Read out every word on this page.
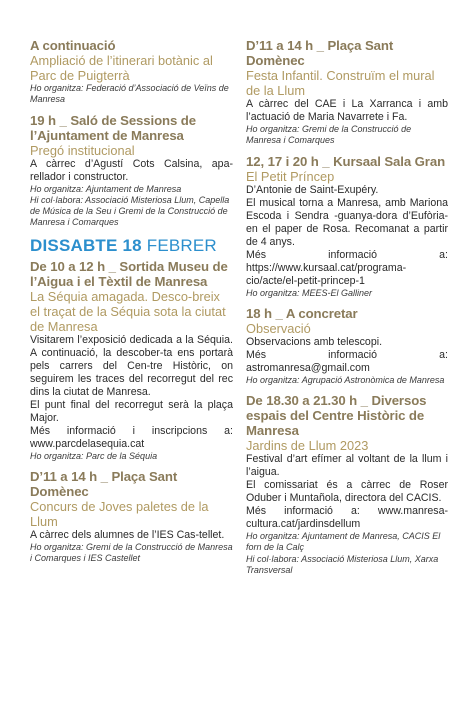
A continuació
Ampliació de l’itinerari botànic al Parc de Puigterrà

Ho organitza: Federació d’Associació de Veïns de Manresa

19 h _ Saló de Sessions de l’Ajuntament de Manresa
Pregó institucional

A càrrec d’Agustí Cots Calsina, apa-rellador i constructor.

Ho organitza: Ajuntament de Manresa

Hi col·labora: Associació Misteriosa Llum, Capella de Música de la Seu i Gremi de la Construcció de Manresa i Comarques

DISSABTE 18 FEBRER
De 10 a 12 h _ Sortida Museu de l’Aigua i el Tèxtil de Manresa
La Séquia amagada. Desco-breix el traçat de la Séquia sota la ciutat de Manresa

Visitarem l’exposició dedicada a la Séquia. A continuació, la descober-ta ens portarà pels carrers del Cen-tre Històric, on seguirem les traces del recorregut del rec dins la ciutat de Manresa.

El punt final del recorregut serà la plaça Major.

Més informació i inscripcions a: www.parcdelasequia.cat

Ho organitza: Parc de la Séquia

D’11 a 14 h _ Plaça Sant Domènec
Concurs de Joves paletes de la Llum

A càrrec dels alumnes de l’IES Cas-tellet.

Ho organitza: Gremi de la Construcció de Manresa i Comarques i IES Castellet

D’11 a 14 h _ Plaça Sant Domènec
Festa Infantil. Construïm el mural de la Llum

A càrrec del CAE i La Xarranca i amb l’actuació de Maria Navarrete i Fa.

Ho organitza: Gremi de la Construcció de Manresa i Comarques

12, 17 i 20 h _ Kursaal Sala Gran
El Petit Príncep

D’Antonie de Saint-Exupéry.

El musical torna a Manresa, amb Mariona Escoda i Sendra -guanya-dora d’Eufòria- en el paper de Rosa. Recomanat a partir de 4 anys.

Més informació a: https://www.kursaal.cat/programa-cio/acte/el-petit-princep-1

Ho organitza: MEES-El Galliner

18 h _ A concretar
Observació

Observacions amb telescopi.

Més informació a: astromanresa@gmail.com

Ho organitza: Agrupació Astronòmica de Manresa

De 18.30 a 21.30 h _ Diversos espais del Centre Històric de Manresa
Jardins de Llum 2023

Festival d’art efímer al voltant de la llum i l’aigua.

El comissariat és a càrrec de Roser Oduber i Muntañola, directora del CACIS.

Més informació a: www.manresa-cultura.cat/jardinsdellum

Ho organitza: Ajuntament de Manresa, CACIS El forn de la Calç

Hi col·labora: Associació Misteriosa Llum, Xarxa Transversal
